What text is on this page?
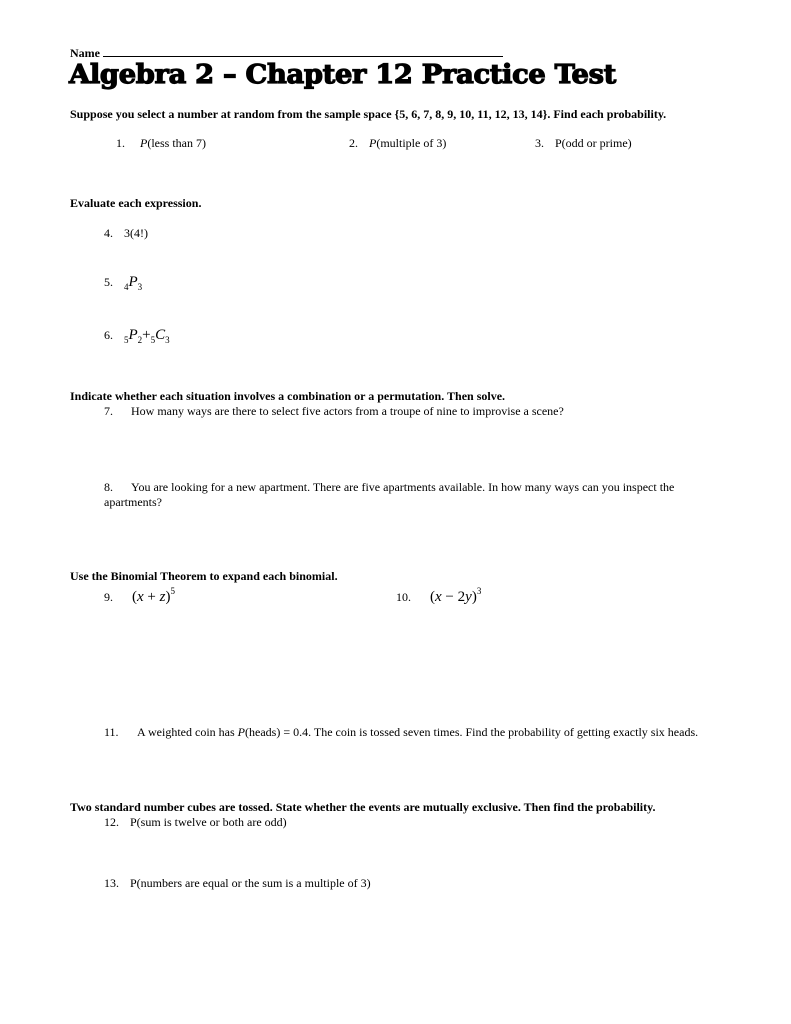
Name
Algebra 2 – Chapter 12 Practice Test
Suppose you select a number at random from the sample space {5, 6, 7, 8, 9, 10, 11, 12, 13, 14}. Find each probability.
1. P(less than 7)	2. P(multiple of 3)	3. P(odd or prime)
Evaluate each expression.
4. 3(4!)
5. $_4P_3$
6. $_5P_2+_5C_3$
Indicate whether each situation involves a combination or a permutation. Then solve.
7. How many ways are there to select five actors from a troupe of nine to improvise a scene?
8. You are looking for a new apartment. There are five apartments available. In how many ways can you inspect the apartments?
Use the Binomial Theorem to expand each binomial.
9. $(x + z)^5$	10. $(x - 2y)^3$
11. A weighted coin has P(heads) = 0.4. The coin is tossed seven times. Find the probability of getting exactly six heads.
Two standard number cubes are tossed. State whether the events are mutually exclusive. Then find the probability.
12. P(sum is twelve or both are odd)
13. P(numbers are equal or the sum is a multiple of 3)
